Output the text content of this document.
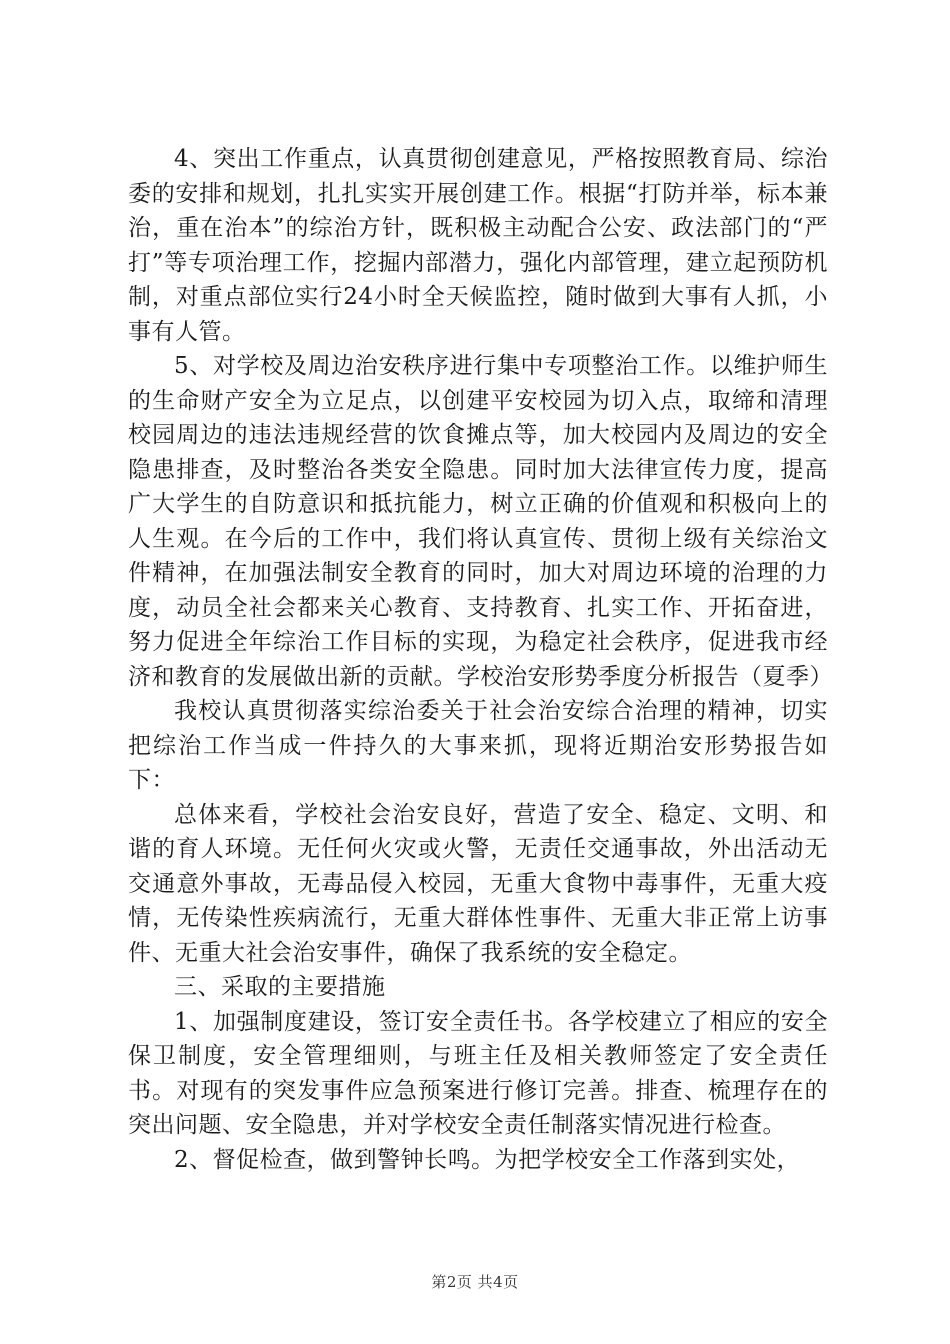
4、突出工作重点，认真贯彻创建意见，严格按照教育局、综治委的安排和规划，扎扎实实开展创建工作。根据“打防并举，标本兼治，重在治本”的综治方针，既积极主动配合公安、政法部门的“严打”等专项治理工作，挖掘内部潜力，强化内部管理，建立起预防机制，对重点部位实行24小时全天候监控，随时做到大事有人抓，小事有人管。

5、对学校及周边治安秩序进行集中专项整治工作。以维护师生的生命财产安全为立足点，以创建平安校园为切入点，取缔和清理校园周边的违法违规经营的饮食摊点等，加大校园内及周边的安全隐患排查，及时整治各类安全隐患。同时加大法律宣传力度，提高广大学生的自防意识和抵抗能力，树立正确的价值观和积极向上的人生观。在今后的工作中，我们将认真宣传、贯彻上级有关综治文件精神，在加强法制安全教育的同时，加大对周边环境的治理的力度，动员全社会都来关心教育、支持教育、扎实工作、开拓奋进，努力促进全年综治工作目标的实现，为稳定社会秩序，促进我市经济和教育的发展做出新的贡献。学校治安形势季度分析报告（夏季）

我校认真贯彻落实综治委关于社会治安综合治理的精神，切实把综治工作当成一件持久的大事来抓，现将近期治安形势报告如下：

总体来看，学校社会治安良好，营造了安全、稳定、文明、和谐的育人环境。无任何火灾或火警，无责任交通事故，外出活动无交通意外事故，无毒品侵入校园，无重大食物中毒事件，无重大疫情，无传染性疾病流行，无重大群体性事件、无重大非正常上访事件、无重大社会治安事件，确保了我系统的安全稳定。

三、采取的主要措施

1、加强制度建设，签订安全责任书。各学校建立了相应的安全保卫制度，安全管理细则，与班主任及相关教师签定了安全责任书。对现有的突发事件应急预案进行修订完善。排查、梳理存在的突出问题、安全隐患，并对学校安全责任制落实情况进行检查。

2、督促检查，做到警钟长鸣。为把学校安全工作落到实处，

第2页 共4页
